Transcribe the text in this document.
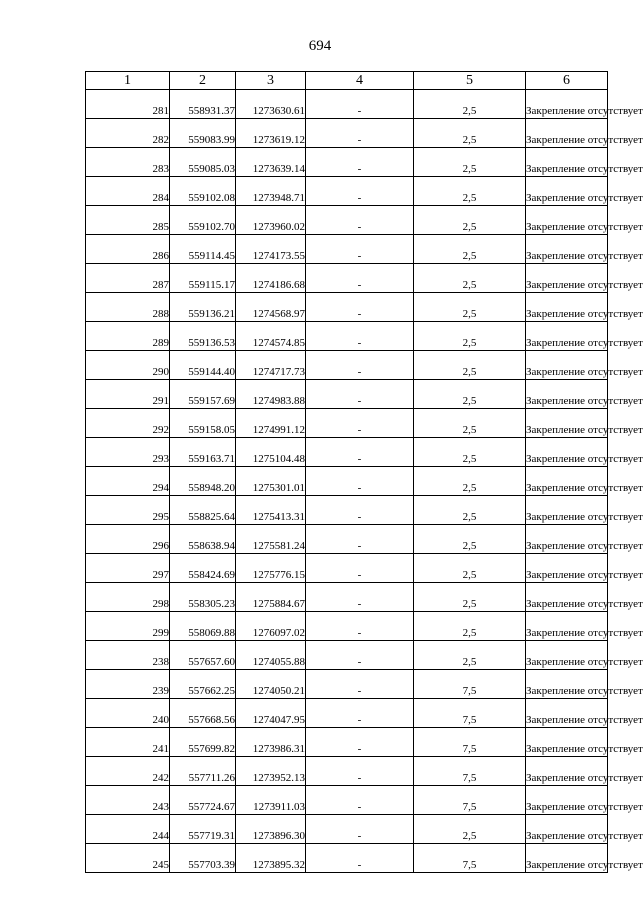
694
1	2	3	4	5	6
281	558931.37	1273630.61	-	2,5	Закрепление отсутствует
282	559083.99	1273619.12	-	2,5	Закрепление отсутствует
283	559085.03	1273639.14	-	2,5	Закрепление отсутствует
284	559102.08	1273948.71	-	2,5	Закрепление отсутствует
285	559102.70	1273960.02	-	2,5	Закрепление отсутствует
286	559114.45	1274173.55	-	2,5	Закрепление отсутствует
287	559115.17	1274186.68	-	2,5	Закрепление отсутствует
288	559136.21	1274568.97	-	2,5	Закрепление отсутствует
289	559136.53	1274574.85	-	2,5	Закрепление отсутствует
290	559144.40	1274717.73	-	2,5	Закрепление отсутствует
291	559157.69	1274983.88	-	2,5	Закрепление отсутствует
292	559158.05	1274991.12	-	2,5	Закрепление отсутствует
293	559163.71	1275104.48	-	2,5	Закрепление отсутствует
294	558948.20	1275301.01	-	2,5	Закрепление отсутствует
295	558825.64	1275413.31	-	2,5	Закрепление отсутствует
296	558638.94	1275581.24	-	2,5	Закрепление отсутствует
297	558424.69	1275776.15	-	2,5	Закрепление отсутствует
298	558305.23	1275884.67	-	2,5	Закрепление отсутствует
299	558069.88	1276097.02	-	2,5	Закрепление отсутствует
238	557657.60	1274055.88	-	2,5	Закрепление отсутствует
239	557662.25	1274050.21	-	7,5	Закрепление отсутствует
240	557668.56	1274047.95	-	7,5	Закрепление отсутствует
241	557699.82	1273986.31	-	7,5	Закрепление отсутствует
242	557711.26	1273952.13	-	7,5	Закрепление отсутствует
243	557724.67	1273911.03	-	7,5	Закрепление отсутствует
244	557719.31	1273896.30	-	2,5	Закрепление отсутствует
245	557703.39	1273895.32	-	7,5	Закрепление отсутствует
